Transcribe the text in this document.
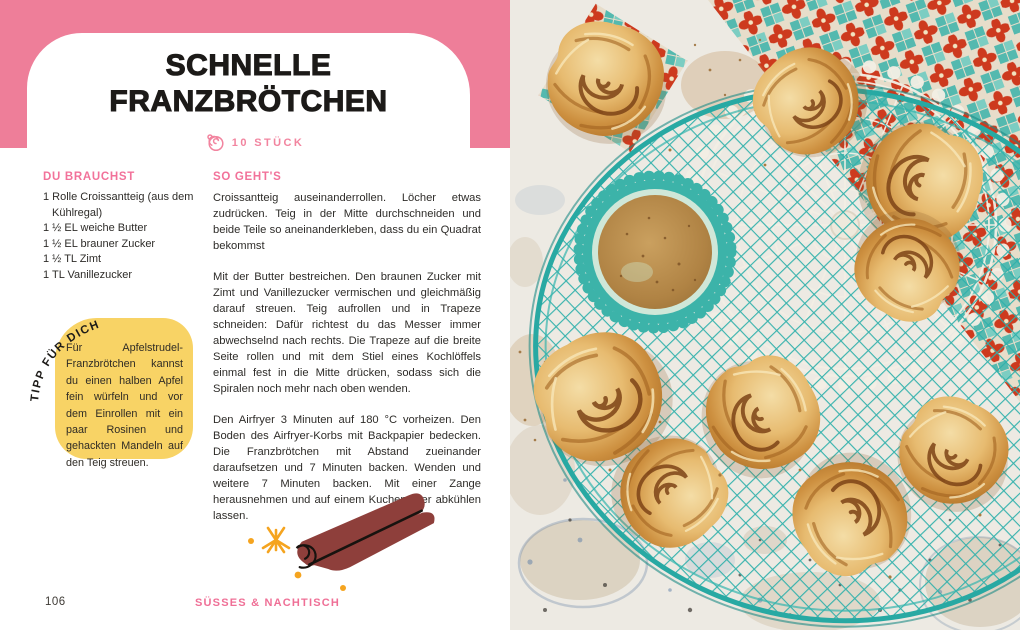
SCHNELLE
FRANZBRÖTCHEN
10 STÜCK
DU BRAUCHST
1 Rolle Croissantteig (aus dem Kühlregal)
1 ½ EL weiche Butter
1 ½ EL brauner Zucker
1 ½ TL Zimt
1 TL Vanillezucker
SO GEHT'S

Croissantteig auseinanderrollen. Löcher etwas zudrücken. Teig in der Mitte durchschneiden und beide Teile so aneinanderkleben, dass du ein Quadrat bekommst

Mit der Butter bestreichen. Den braunen Zucker mit Zimt und Vanillezucker vermischen und gleichmäßig darauf streuen. Teig aufrollen und in Trapeze schneiden: Dafür richtest du das Messer immer abwechselnd nach rechts. Die Trapeze auf die breite Seite rollen und mit dem Stiel eines Kochlöffels einmal fest in die Mitte drücken, sodass sich die Spiralen noch mehr nach oben wenden.

Den Airfryer 3 Minuten auf 180 °C vorheizen. Den Boden des Airfryer-Korbs mit Backpapier bedecken. Die Franzbrötchen mit Abstand zueinander daraufsetzen und 7 Minuten backen. Wenden und weitere 7 Minuten backen. Mit einer Zange herausnehmen und auf einem Kuchengitter abkühlen lassen.

Für Apfelstrudel-Franzbrötchen kannst du einen halben Apfel fein würfeln und vor dem Einrollen mit ein paar Rosinen und gehackten Mandeln auf den Teig streuen.

TIPP FÜR DICH
106	SÜSSES & NACHTISCH
